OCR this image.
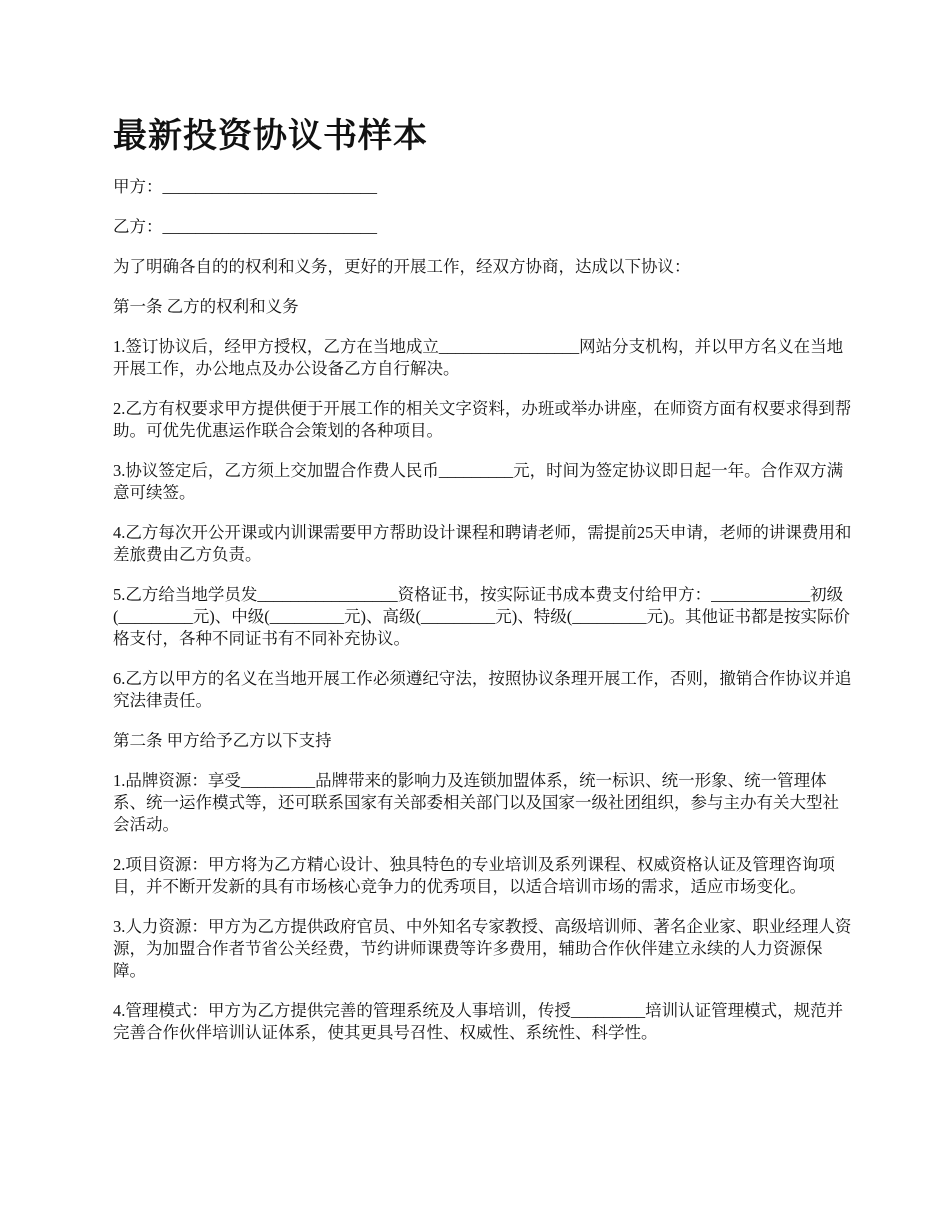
最新投资协议书样本

甲方：__________________________

乙方：__________________________

为了明确各自的的权利和义务，更好的开展工作，经双方协商，达成以下协议：

第一条 乙方的权利和义务

1.签订协议后，经甲方授权，乙方在当地成立_________________网站分支机构，并以甲方名义在当地开展工作，办公地点及办公设备乙方自行解决。

2.乙方有权要求甲方提供便于开展工作的相关文字资料，办班或举办讲座，在师资方面有权要求得到帮助。可优先优惠运作联合会策划的各种项目。

3.协议签定后，乙方须上交加盟合作费人民币_________元，时间为签定协议即日起一年。合作双方满意可续签。

4.乙方每次开公开课或内训课需要甲方帮助设计课程和聘请老师，需提前25天申请，老师的讲课费用和差旅费由乙方负责。

5.乙方给当地学员发_________________资格证书，按实际证书成本费支付给甲方：____________初级(_________元)、中级(_________元)、高级(_________元)、特级(_________元)。其他证书都是按实际价格支付，各种不同证书有不同补充协议。

6.乙方以甲方的名义在当地开展工作必须遵纪守法，按照协议条理开展工作，否则，撤销合作协议并追究法律责任。

第二条 甲方给予乙方以下支持

1.品牌资源：享受_________品牌带来的影响力及连锁加盟体系，统一标识、统一形象、统一管理体系、统一运作模式等，还可联系国家有关部委相关部门以及国家一级社团组织，参与主办有关大型社会活动。

2.项目资源：甲方将为乙方精心设计、独具特色的专业培训及系列课程、权威资格认证及管理咨询项目，并不断开发新的具有市场核心竞争力的优秀项目，以适合培训市场的需求，适应市场变化。

3.人力资源：甲方为乙方提供政府官员、中外知名专家教授、高级培训师、著名企业家、职业经理人资源，为加盟合作者节省公关经费，节约讲师课费等许多费用，辅助合作伙伴建立永续的人力资源保障。

4.管理模式：甲方为乙方提供完善的管理系统及人事培训，传授_________培训认证管理模式，规范并完善合作伙伴培训认证体系，使其更具号召性、权威性、系统性、科学性。
